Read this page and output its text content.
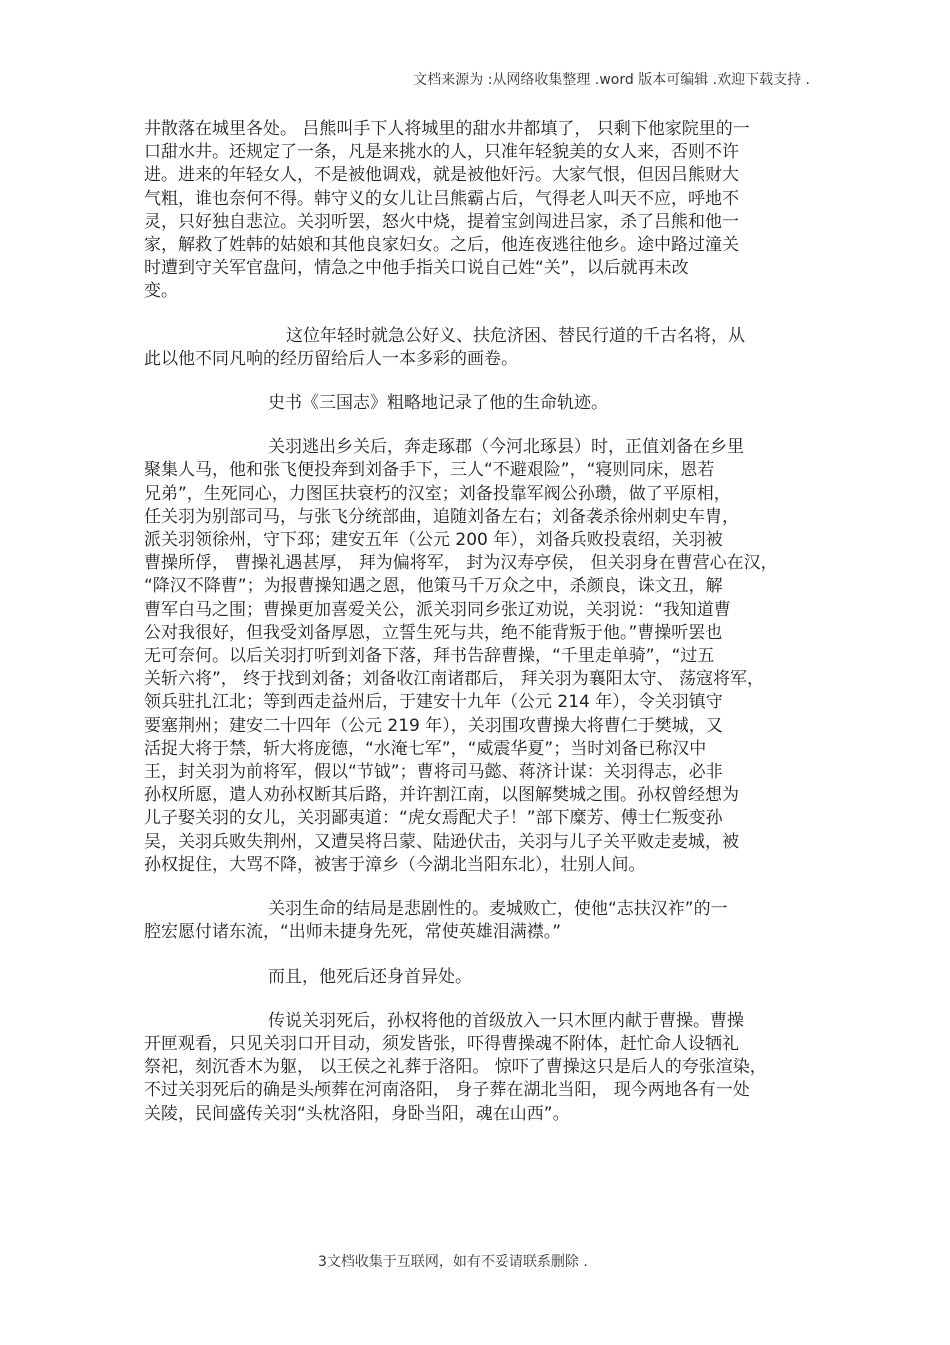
文档来源为 :从网络收集整理 .word 版本可编辑 .欢迎下载支持 .
井散落在城里各处。 吕熊叫手下人将城里的甜水井都填了， 只剩下他家院里的一
口甜水井。还规定了一条，凡是来挑水的人，只准年轻貌美的女人来，否则不许
进。进来的年轻女人，不是被他调戏，就是被他奸污。大家气恨，但因吕熊财大
气粗，谁也奈何不得。韩守义的女儿让吕熊霸占后，气得老人叫天不应，呼地不
灵，只好独自悲泣。关羽听罢，怒火中烧，提着宝剑闯进吕家，杀了吕熊和他一
家，解救了姓韩的姑娘和其他良家妇女。之后，他连夜逃往他乡。途中路过潼关
时遭到守关军官盘问，情急之中他手指关口说自己姓“关”，以后就再未改
变。
这位年轻时就急公好义、扶危济困、替民行道的千古名将，从
此以他不同凡响的经历留给后人一本多彩的画卷。
史书《三国志》粗略地记录了他的生命轨迹。
关羽逃出乡关后，奔走琢郡（今河北琢县）时，正值刘备在乡里
聚集人马，他和张飞便投奔到刘备手下，三人“不避艰险”，“寝则同床，恩若
兄弟”，生死同心，力图匡扶衰朽的汉室；刘备投靠军阀公孙瓒，做了平原相，
任关羽为别部司马，与张飞分统部曲，追随刘备左右；刘备袭杀徐州刺史车胄，
派关羽领徐州，守下邳；建安五年（公元 200 年），刘备兵败投袁绍，关羽被
曹操所俘， 曹操礼遇甚厚， 拜为偏将军， 封为汉寿亭侯， 但关羽身在曹营心在汉，
“降汉不降曹”；为报曹操知遇之恩，他策马千万众之中，杀颜良，诛文丑，解
曹军白马之围；曹操更加喜爱关公，派关羽同乡张辽劝说，关羽说：“我知道曹
公对我很好，但我受刘备厚恩，立誓生死与共，绝不能背叛于他。”曹操听罢也
无可奈何。以后关羽打听到刘备下落，拜书告辞曹操，“千里走单骑”，“过五
关斩六将”， 终于找到刘备；刘备收江南诸郡后， 拜关羽为襄阳太守、 荡寇将军，
领兵驻扎江北；等到西走益州后，于建安十九年（公元 214 年），令关羽镇守
要塞荆州；建安二十四年（公元 219 年），关羽围攻曹操大将曹仁于樊城，又
活捉大将于禁，斩大将庞德，“水淹七军”，“威震华夏”；当时刘备已称汉中
王，封关羽为前将军，假以“节钺”；曹将司马懿、蒋济计谋：关羽得志，必非
孙权所愿，遣人劝孙权断其后路，并许割江南，以图解樊城之围。孙权曾经想为
儿子娶关羽的女儿，关羽鄙夷道：“虎女焉配犬子！”部下糜芳、傅士仁叛变孙
吴，关羽兵败失荆州，又遭吴将吕蒙、陆逊伏击，关羽与儿子关平败走麦城，被
孙权捉住，大骂不降，被害于漳乡（今湖北当阳东北），壮别人间。
关羽生命的结局是悲剧性的。麦城败亡，使他“志扶汉祚”的一
腔宏愿付诸东流，“出师未捷身先死，常使英雄泪满襟。”
而且，他死后还身首异处。
传说关羽死后，孙权将他的首级放入一只木匣内献于曹操。曹操
开匣观看，只见关羽口开目动，须发皆张，吓得曹操魂不附体，赶忙命人设牺礼
祭祀，刻沉香木为躯， 以王侯之礼葬于洛阳。 惊吓了曹操这只是后人的夸张渲染，
不过关羽死后的确是头颅葬在河南洛阳， 身子葬在湖北当阳， 现今两地各有一处
关陵，民间盛传关羽“头枕洛阳，身卧当阳，魂在山西”。
3文档收集于互联网，如有不妥请联系删除 .
